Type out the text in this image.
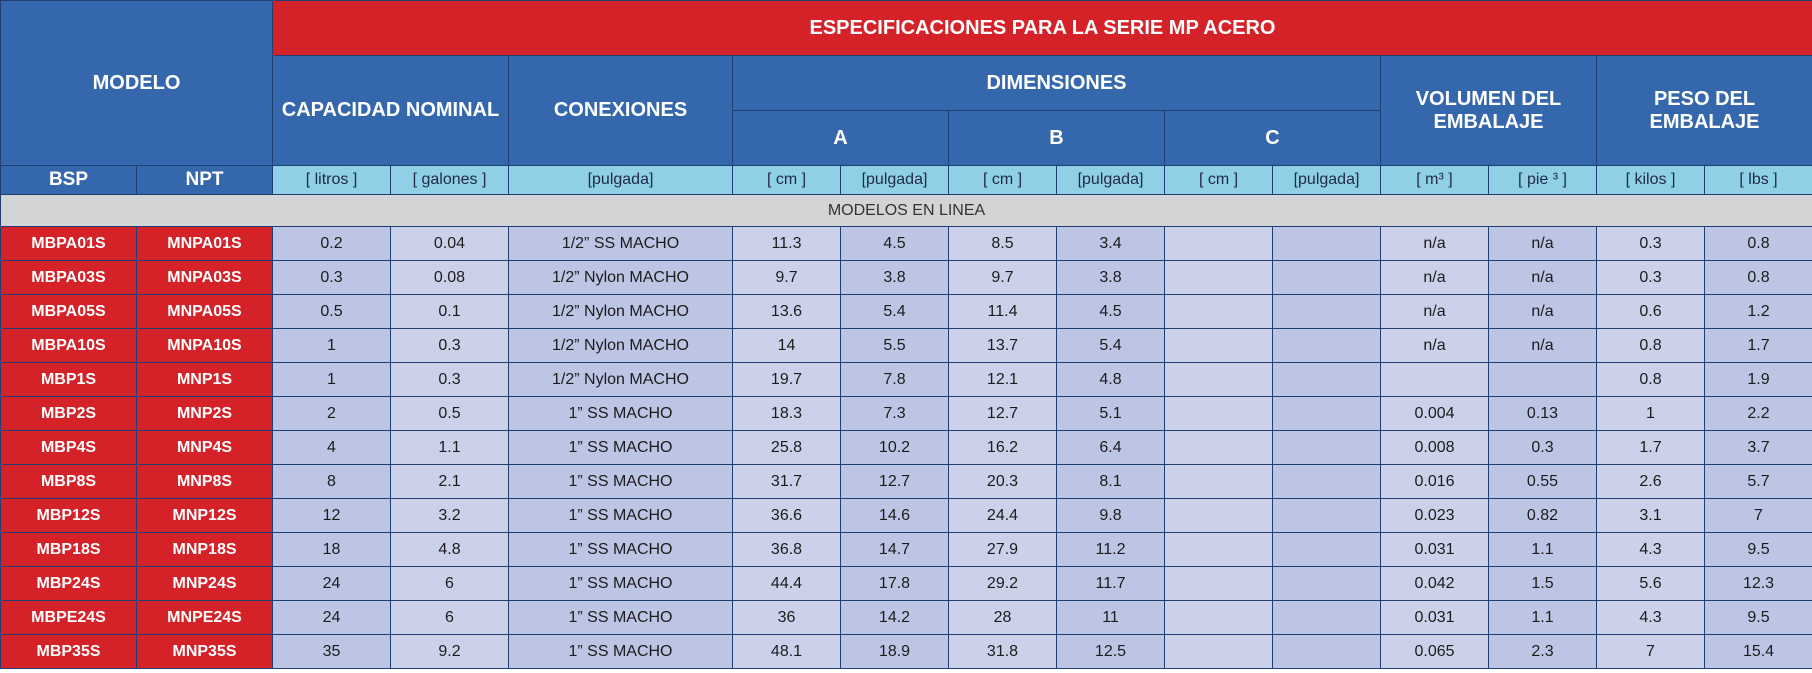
MODELO		ESPECIFICACIONES PARA LA SERIE MP ACERO												
		CAPACIDAD NOMINAL		CONEXIONES	DIMENSIONES						VOLUMEN DEL EMBALAJE		PESO DEL EMBALAJE	
					A		B		C					
BSP	NPT	[ litros ]	[ galones ]	[pulgada]	[ cm ]	[pulgada]	[ cm ]	[pulgada]	[ cm ]	[pulgada]	[ m³ ]	[ pie ³ ]	[ kilos ]	[ lbs ]
MODELOS EN LINEA														
MBPA01S	MNPA01S	0.2	0.04	1/2” SS MACHO	11.3	4.5	8.5	3.4			n/a	n/a	0.3	0.8
MBPA03S	MNPA03S	0.3	0.08	1/2” Nylon MACHO	9.7	3.8	9.7	3.8			n/a	n/a	0.3	0.8
MBPA05S	MNPA05S	0.5	0.1	1/2” Nylon MACHO	13.6	5.4	11.4	4.5			n/a	n/a	0.6	1.2
MBPA10S	MNPA10S	1	0.3	1/2” Nylon MACHO	14	5.5	13.7	5.4			n/a	n/a	0.8	1.7
MBP1S	MNP1S	1	0.3	1/2” Nylon MACHO	19.7	7.8	12.1	4.8					0.8	1.9
MBP2S	MNP2S	2	0.5	1” SS MACHO	18.3	7.3	12.7	5.1			0.004	0.13	1	2.2
MBP4S	MNP4S	4	1.1	1” SS MACHO	25.8	10.2	16.2	6.4			0.008	0.3	1.7	3.7
MBP8S	MNP8S	8	2.1	1” SS MACHO	31.7	12.7	20.3	8.1			0.016	0.55	2.6	5.7
MBP12S	MNP12S	12	3.2	1” SS MACHO	36.6	14.6	24.4	9.8			0.023	0.82	3.1	7
MBP18S	MNP18S	18	4.8	1” SS MACHO	36.8	14.7	27.9	11.2			0.031	1.1	4.3	9.5
MBP24S	MNP24S	24	6	1” SS MACHO	44.4	17.8	29.2	11.7			0.042	1.5	5.6	12.3
MBPE24S	MNPE24S	24	6	1” SS MACHO	36	14.2	28	11			0.031	1.1	4.3	9.5
MBP35S	MNP35S	35	9.2	1” SS MACHO	48.1	18.9	31.8	12.5			0.065	2.3	7	15.4
